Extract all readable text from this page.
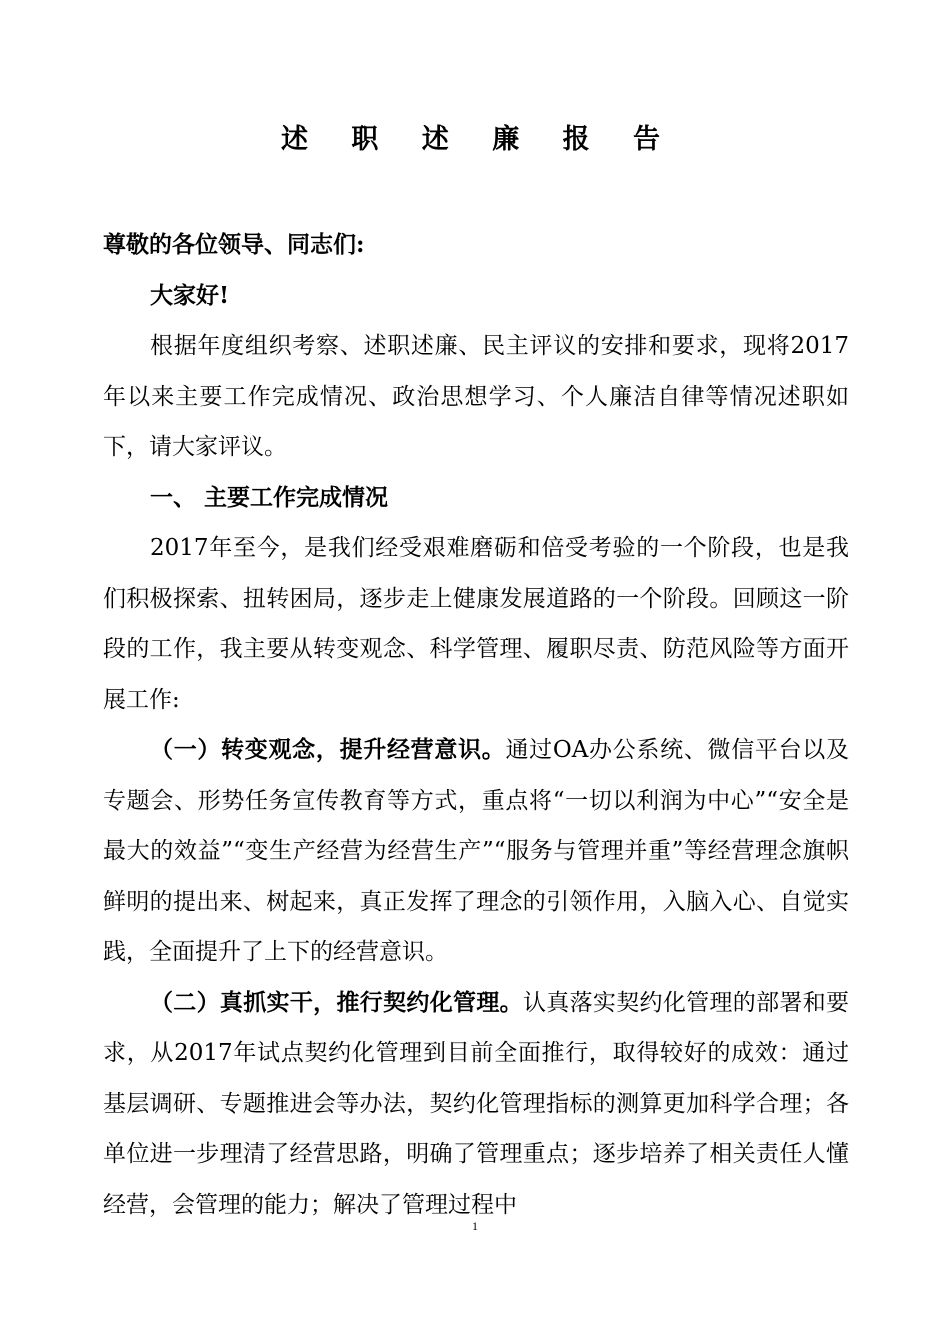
述 职 述 廉 报 告

尊敬的各位领导、同志们:

大家好!

根据年度组织考察、述职述廉、民主评议的安排和要求，现将2017年以来主要工作完成情况、政治思想学习、个人廉洁自律等情况述职如下，请大家评议。

一、 主要工作完成情况

2017年至今，是我们经受艰难磨砺和倍受考验的一个阶段，也是我们积极探索、扭转困局，逐步走上健康发展道路的一个阶段。回顾这一阶段的工作，我主要从转变观念、科学管理、履职尽责、防范风险等方面开展工作:

（一）转变观念，提升经营意识。通过OA办公系统、微信平台以及专题会、形势任务宣传教育等方式，重点将“一切以利润为中心”“安全是最大的效益”“变生产经营为经营生产”“服务与管理并重”等经营理念旗帜鲜明的提出来、树起来，真正发挥了理念的引领作用，入脑入心、自觉实践，全面提升了上下的经营意识。

（二）真抓实干，推行契约化管理。认真落实契约化管理的部署和要求，从2017年试点契约化管理到目前全面推行，取得较好的成效：通过基层调研、专题推进会等办法，契约化管理指标的测算更加科学合理；各单位进一步理清了经营思路，明确了管理重点；逐步培养了相关责任人懂经营，会管理的能力；解决了管理过程中

1
